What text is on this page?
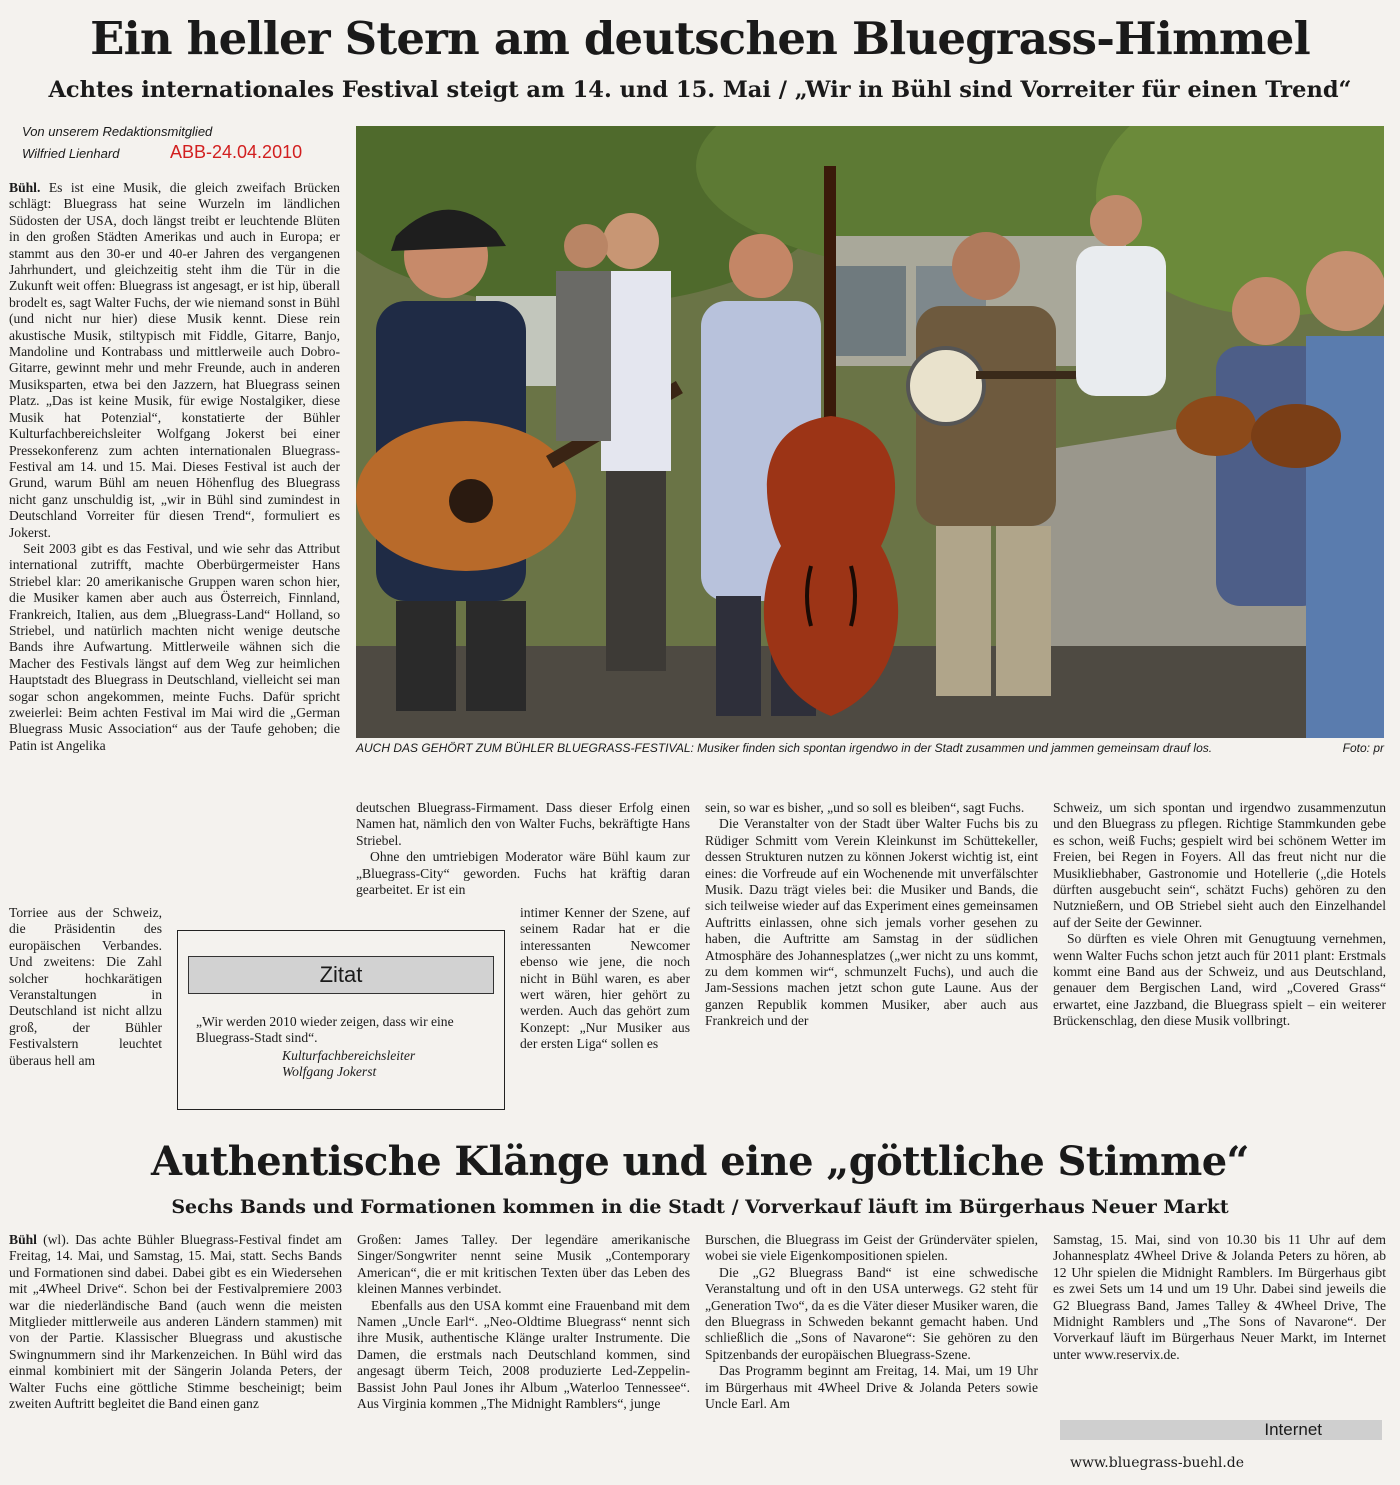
Ein heller Stern am deutschen Bluegrass-Himmel
Achtes internationales Festival steigt am 14. und 15. Mai / „Wir in Bühl sind Vorreiter für einen Trend“
Von unserem Redaktionsmitglied
Wilfried Lienhard	ABB-24.04.2010

Bühl. Es ist eine Musik, die gleich zweifach Brücken schlägt: Bluegrass hat seine Wurzeln im ländlichen Südosten der USA, doch längst treibt er leuchtende Blüten in den großen Städten Amerikas und auch in Europa; er stammt aus den 30-er und 40-er Jahren des vergangenen Jahrhundert, und gleichzeitig steht ihm die Tür in die Zukunft weit offen: Bluegrass ist angesagt, er ist hip, überall brodelt es, sagt Walter Fuchs, der wie niemand sonst in Bühl (und nicht nur hier) diese Musik kennt. Diese rein akustische Musik, stiltypisch mit Fiddle, Gitarre, Banjo, Mandoline und Kontrabass und mittlerweile auch Dobro-Gitarre, gewinnt mehr und mehr Freunde, auch in anderen Musiksparten, etwa bei den Jazzern, hat Bluegrass seinen Platz. „Das ist keine Musik, für ewige Nostalgiker, diese Musik hat Potenzial“, konstatierte der Bühler Kulturfachbereichsleiter Wolfgang Jokerst bei einer Pressekonferenz zum achten internationalen Bluegrass-Festival am 14. und 15. Mai. Dieses Festival ist auch der Grund, warum Bühl am neuen Höhenflug des Bluegrass nicht ganz unschuldig ist, „wir in Bühl sind zumindest in Deutschland Vorreiter für diesen Trend“, formuliert es Jokerst.

Seit 2003 gibt es das Festival, und wie sehr das Attribut international zutrifft, machte Oberbürgermeister Hans Striebel klar: 20 amerikanische Gruppen waren schon hier, die Musiker kamen aber auch aus Österreich, Finnland, Frankreich, Italien, aus dem „Bluegrass-Land“ Holland, so Striebel, und natürlich machten nicht wenige deutsche Bands ihre Aufwartung. Mittlerweile wähnen sich die Macher des Festivals längst auf dem Weg zur heimlichen Hauptstadt des Bluegrass in Deutschland, vielleicht sei man sogar schon angekommen, meinte Fuchs. Dafür spricht zweierlei: Beim achten Festival im Mai wird die „German Bluegrass Music Association“ aus der Taufe gehoben; die Patin ist Angelika

Torriee aus der Schweiz, die Präsidentin des europäischen Verbandes. Und zweitens: Die Zahl solcher hochkarätigen Veranstaltungen in Deutschland ist nicht allzu groß, der Bühler Festivalstern leuchtet überaus hell am

AUCH DAS GEHÖRT ZUM BÜHLER BLUEGRASS-FESTIVAL: Musiker finden sich spontan irgendwo in der Stadt zusammen und jammen gemeinsam drauf los.	Foto: pr

deutschen Bluegrass-Firmament. Dass dieser Erfolg einen Namen hat, nämlich den von Walter Fuchs, bekräftigte Hans Striebel.

Ohne den umtriebigen Moderator wäre Bühl kaum zur „Bluegrass-City“ geworden. Fuchs hat kräftig daran gearbeitet. Er ist ein

intimer Kenner der Szene, auf seinem Radar hat er die interessanten Newcomer ebenso wie jene, die noch nicht in Bühl waren, es aber wert wären, hier gehört zu werden. Auch das gehört zum Konzept: „Nur Musiker aus der ersten Liga“ sollen es

Zitat
„Wir werden 2010 wieder zeigen, dass wir eine Bluegrass-Stadt sind“.
Kulturfachbereichsleiter
Wolfgang Jokerst

sein, so war es bisher, „und so soll es bleiben“, sagt Fuchs.

Die Veranstalter von der Stadt über Walter Fuchs bis zu Rüdiger Schmitt vom Verein Kleinkunst im Schüttekeller, dessen Strukturen nutzen zu können Jokerst wichtig ist, eint eines: die Vorfreude auf ein Wochenende mit unverfälschter Musik. Dazu trägt vieles bei: die Musiker und Bands, die sich teilweise wieder auf das Experiment eines gemeinsamen Auftritts einlassen, ohne sich jemals vorher gesehen zu haben, die Auftritte am Samstag in der südlichen Atmosphäre des Johannesplatzes („wer nicht zu uns kommt, zu dem kommen wir“, schmunzelt Fuchs), und auch die Jam-Sessions machen jetzt schon gute Laune. Aus der ganzen Republik kommen Musiker, aber auch aus Frankreich und der

Schweiz, um sich spontan und irgendwo zusammenzutun und den Bluegrass zu pflegen. Richtige Stammkunden gebe es schon, weiß Fuchs; gespielt wird bei schönem Wetter im Freien, bei Regen in Foyers. All das freut nicht nur die Musikliebhaber, Gastronomie und Hotellerie („die Hotels dürften ausgebucht sein“, schätzt Fuchs) gehören zu den Nutznießern, und OB Striebel sieht auch den Einzelhandel auf der Seite der Gewinner.

So dürften es viele Ohren mit Genugtuung vernehmen, wenn Walter Fuchs schon jetzt auch für 2011 plant: Erstmals kommt eine Band aus der Schweiz, und aus Deutschland, genauer dem Bergischen Land, wird „Covered Grass“ erwartet, eine Jazzband, die Bluegrass spielt – ein weiterer Brückenschlag, den diese Musik vollbringt.

Authentische Klänge und eine „göttliche Stimme“
Sechs Bands und Formationen kommen in die Stadt / Vorverkauf läuft im Bürgerhaus Neuer Markt

Bühl (wl). Das achte Bühler Bluegrass-Festival findet am Freitag, 14. Mai, und Samstag, 15. Mai, statt. Sechs Bands und Formationen sind dabei. Dabei gibt es ein Wiedersehen mit „4Wheel Drive“. Schon bei der Festivalpremiere 2003 war die niederländische Band (auch wenn die meisten Mitglieder mittlerweile aus anderen Ländern stammen) mit von der Partie. Klassischer Bluegrass und akustische Swingnummern sind ihr Markenzeichen. In Bühl wird das einmal kombiniert mit der Sängerin Jolanda Peters, der Walter Fuchs eine göttliche Stimme bescheinigt; beim zweiten Auftritt begleitet die Band einen ganz

Großen: James Talley. Der legendäre amerikanische Singer/Songwriter nennt seine Musik „Contemporary American“, die er mit kritischen Texten über das Leben des kleinen Mannes verbindet.

Ebenfalls aus den USA kommt eine Frauenband mit dem Namen „Uncle Earl“. „Neo-Oldtime Bluegrass“ nennt sich ihre Musik, authentische Klänge uralter Instrumente. Die Damen, die erstmals nach Deutschland kommen, sind angesagt überm Teich, 2008 produzierte Led-Zeppelin-Bassist John Paul Jones ihr Album „Waterloo Tennessee“. Aus Virginia kommen „The Midnight Ramblers“, junge

Burschen, die Bluegrass im Geist der Gründerväter spielen, wobei sie viele Eigenkompositionen spielen.

Die „G2 Bluegrass Band“ ist eine schwedische Veranstaltung und oft in den USA unterwegs. G2 steht für „Generation Two“, da es die Väter dieser Musiker waren, die den Bluegrass in Schweden bekannt gemacht haben. Und schließlich die „Sons of Navarone“: Sie gehören zu den Spitzenbands der europäischen Bluegrass-Szene.

Das Programm beginnt am Freitag, 14. Mai, um 19 Uhr im Bürgerhaus mit 4Wheel Drive & Jolanda Peters sowie Uncle Earl. Am

Samstag, 15. Mai, sind von 10.30 bis 11 Uhr auf dem Johannesplatz 4Wheel Drive & Jolanda Peters zu hören, ab 12 Uhr spielen die Midnight Ramblers. Im Bürgerhaus gibt es zwei Sets um 14 und um 19 Uhr. Dabei sind jeweils die G2 Bluegrass Band, James Talley & 4Wheel Drive, The Midnight Ramblers und „The Sons of Navarone“. Der Vorverkauf läuft im Bürgerhaus Neuer Markt, im Internet unter www.reservix.de.

Internet
www.bluegrass-buehl.de
